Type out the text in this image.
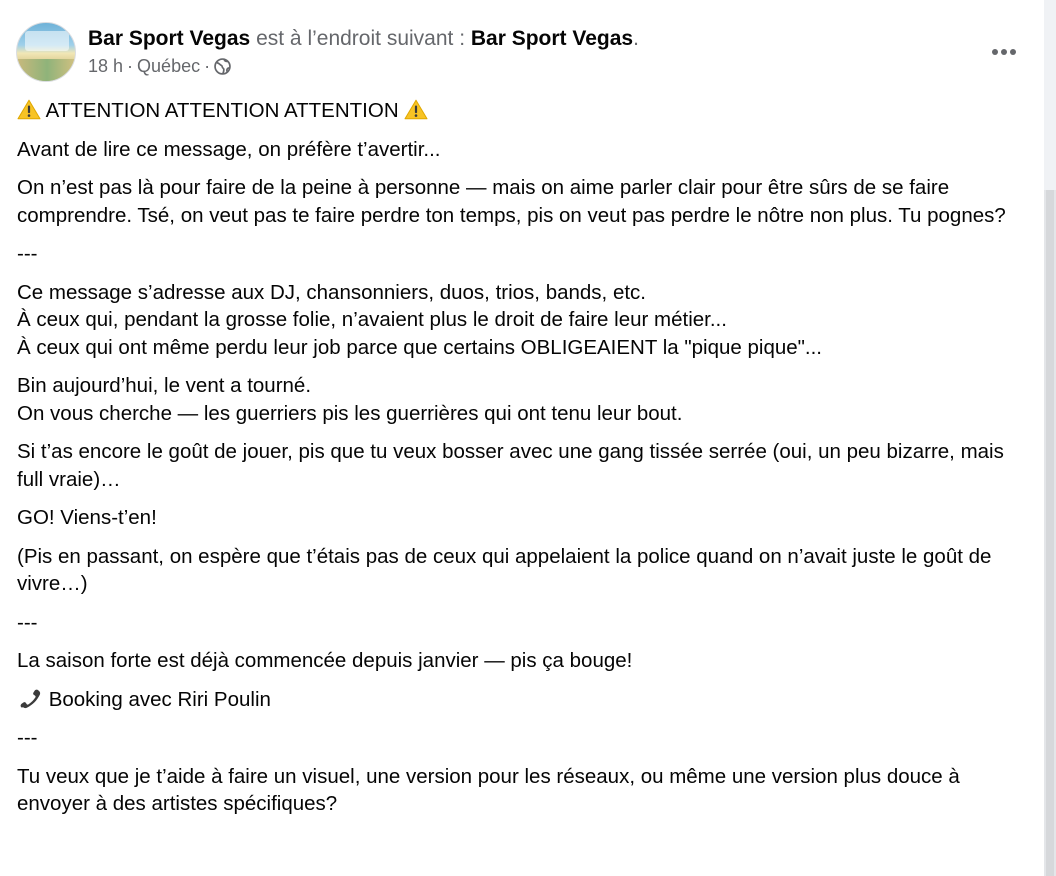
Bar Sport Vegas est à l’endroit suivant : Bar Sport Vegas.
18 h · Québec ·
ATTENTION ATTENTION ATTENTION
Avant de lire ce message, on préfère t’avertir...
On n’est pas là pour faire de la peine à personne — mais on aime parler clair pour être sûrs de se faire comprendre. Tsé, on veut pas te faire perdre ton temps, pis on veut pas perdre le nôtre non plus. Tu pognes?
---
Ce message s’adresse aux DJ, chansonniers, duos, trios, bands, etc.
À ceux qui, pendant la grosse folie, n’avaient plus le droit de faire leur métier...
À ceux qui ont même perdu leur job parce que certains OBLIGEAIENT la "pique pique"...
Bin aujourd’hui, le vent a tourné.
On vous cherche — les guerriers pis les guerrières qui ont tenu leur bout.
Si t’as encore le goût de jouer, pis que tu veux bosser avec une gang tissée serrée (oui, un peu bizarre, mais full vraie)…
GO! Viens-t’en!
(Pis en passant, on espère que t’étais pas de ceux qui appelaient la police quand on n’avait juste le goût de vivre…)
---
La saison forte est déjà commencée depuis janvier — pis ça bouge!
Booking avec Riri Poulin
---
Tu veux que je t’aide à faire un visuel, une version pour les réseaux, ou même une version plus douce à envoyer à des artistes spécifiques?
